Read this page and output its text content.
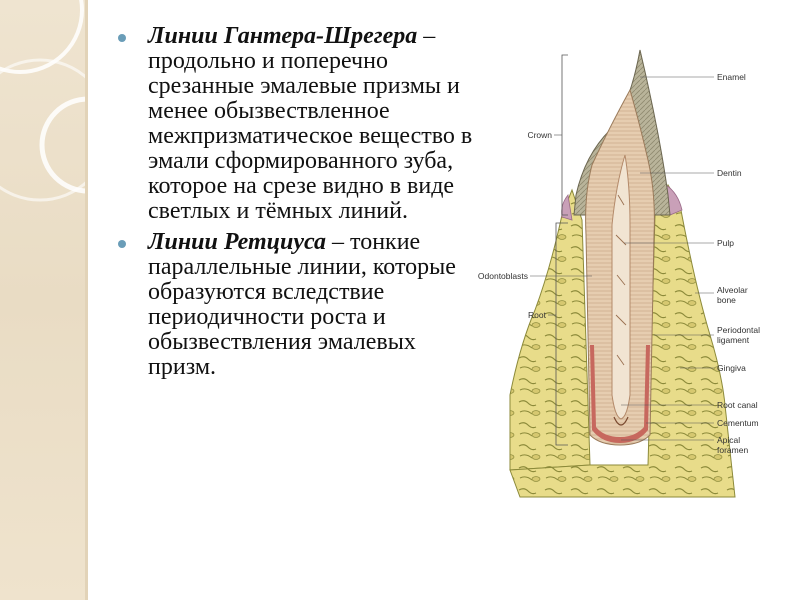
Линии Гантера-Шрегера – продольно и поперечно срезанные эмалевые призмы и менее обызвествленное межпризматическое вещество в эмали сформированного зуба, которое на срезе видно в виде светлых и тёмных линий.
Линии Ретциуса – тонкие параллельные линии, которые образуются вследствие периодичности роста и обызвествления эмалевых призм.
Crown
Odontoblasts
Root
Enamel
Dentin
Pulp
Alveolar
bone
Periodontal
ligament
Gingiva
Root canal
Cementum
Apical
foramen
